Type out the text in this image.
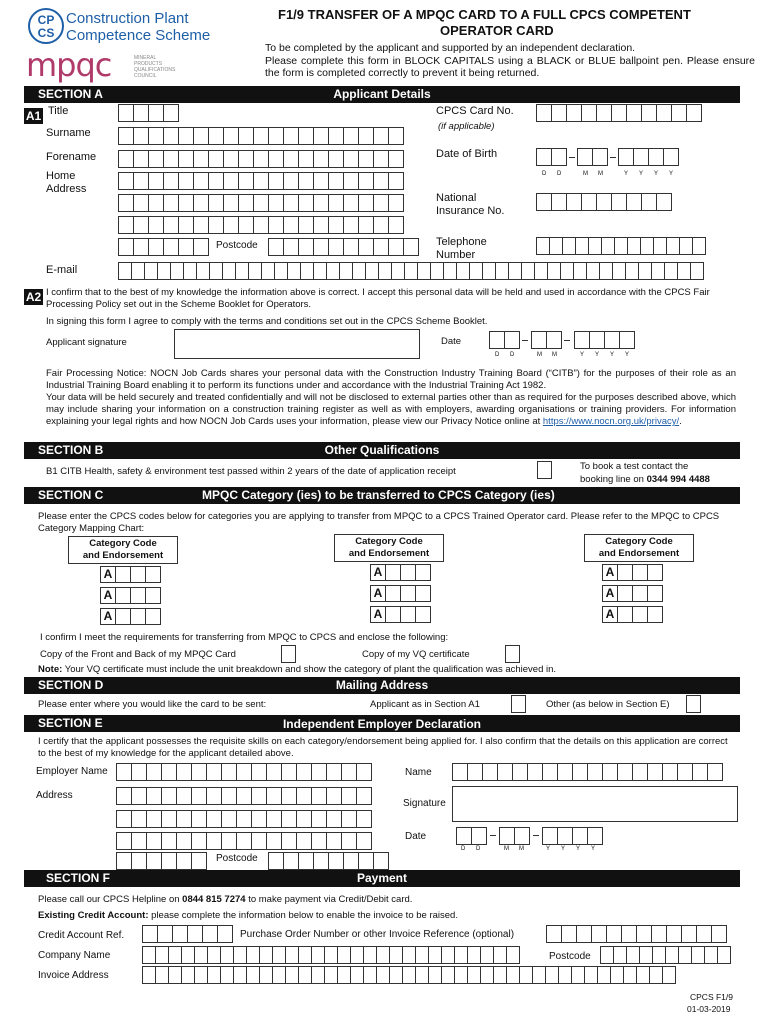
CP
CS
Construction Plant
Competence Scheme
mpqc	MINERAL PRODUCTS QUALIFICATIONS COUNCIL
F1/9 TRANSFER OF A MPQC CARD TO A FULL CPCS COMPETENT
OPERATOR CARD
To be completed by the applicant and supported by an independent declaration.
Please complete this form in BLOCK CAPITALS using a BLACK or BLUE ballpoint pen. Please ensure the form is completed correctly to prevent it being returned.
SECTION A	Applicant Details
A1 Title
Surname
Forename
Home Address
Postcode
E-mail
CPCS Card No.
(if applicable)
Date of Birth
D D	M M	Y Y Y Y
National Insurance No.
Telephone Number
A2 I confirm that to the best of my knowledge the information above is correct. I accept this personal data will be held and used in accordance with the CPCS Fair Processing Policy set out in the Scheme Booklet for Operators.
In signing this form I agree to comply with the terms and conditions set out in the CPCS Scheme Booklet.
Applicant signature	Date
D D	M M	Y Y Y Y
Fair Processing Notice: NOCN Job Cards shares your personal data with the Construction Industry Training Board (“CITB”) for the purposes of their role as an Industrial Training Board enabling it to perform its functions under and accordance with the Industrial Training Act 1982.
Your data will be held securely and treated confidentially and will not be disclosed to external parties other than as required for the purposes described above, which may include sharing your information on a construction training register as well as with employers, awarding organisations or training providers. For information explaining your legal rights and how NOCN Job Cards uses your information, please view our Privacy Notice online at https://www.nocn.org.uk/privacy/.
SECTION B	Other Qualifications
B1 CITB Health, safety & environment test passed within 2 years of the date of application receipt	To book a test contact the
booking line on 0344 994 4488
SECTION C	MPQC Category (ies) to be transferred to CPCS Category (ies)
Please enter the CPCS codes below for categories you are applying to transfer from MPQC to a CPCS Trained Operator card. Please refer to the MPQC to CPCS Category Mapping Chart:
Category Code
and Endorsement
Category Code
and Endorsement
Category Code
and Endorsement
A
A
A
A
A
A
A
A
A
I confirm I meet the requirements for transferring from MPQC to CPCS and enclose the following:
Copy of the Front and Back of my MPQC Card	Copy of my VQ certificate
Note: Your VQ certificate must include the unit breakdown and show the category of plant the qualification was achieved in.
SECTION D	Mailing Address
Please enter where you would like the card to be sent:	Applicant as in Section A1	Other (as below in Section E)
SECTION E	Independent Employer Declaration
I certify that the applicant possesses the requisite skills on each category/endorsement being applied for. I also confirm that the details on this application are correct to the best of my knowledge for the applicant detailed above.
Employer Name	Name
Address
Postcode
Signature
Date
D D	M M	Y Y Y Y
SECTION F	Payment
Please call our CPCS Helpline on 0844 815 7274 to make payment via Credit/Debit card.
Existing Credit Account: please complete the information below to enable the invoice to be raised.
Credit Account Ref.	Purchase Order Number or other Invoice Reference (optional)
Company Name	Postcode
Invoice Address
CPCS F1/9
01-03-2019
